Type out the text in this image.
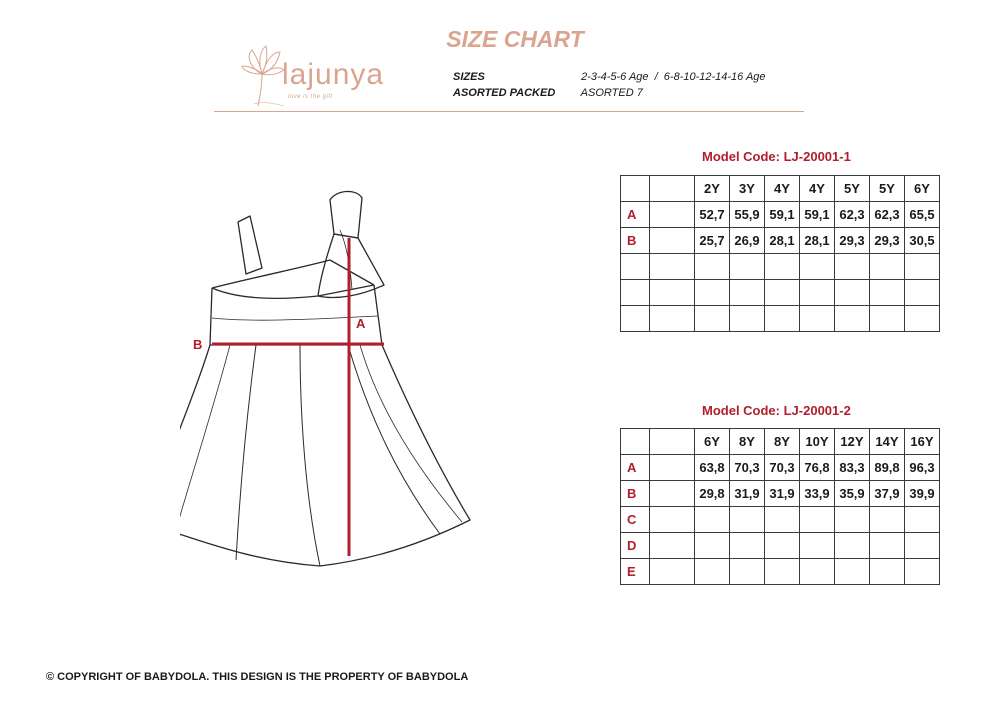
SIZE CHART
lajunya
love is the gift
SIZES	2-3-4-5-6 Age  /  6-8-10-12-14-16 Age
ASORTED PACKED ASORTED 7
A
B
Model Code: LJ-20001-1
		2Y	3Y	4Y	4Y	5Y	5Y	6Y
A		52,7	55,9	59,1	59,1	62,3	62,3	65,5
B		25,7	26,9	28,1	28,1	29,3	29,3	30,5

Model Code: LJ-20001-2
		6Y	8Y	8Y	10Y	12Y	14Y	16Y
A		63,8	70,3	70,3	76,8	83,3	89,8	96,3
B		29,8	31,9	31,9	33,9	35,9	37,9	39,9
C								
D								
E								
© COPYRIGHT OF BABYDOLA. THIS DESIGN IS THE PROPERTY OF BABYDOLA
